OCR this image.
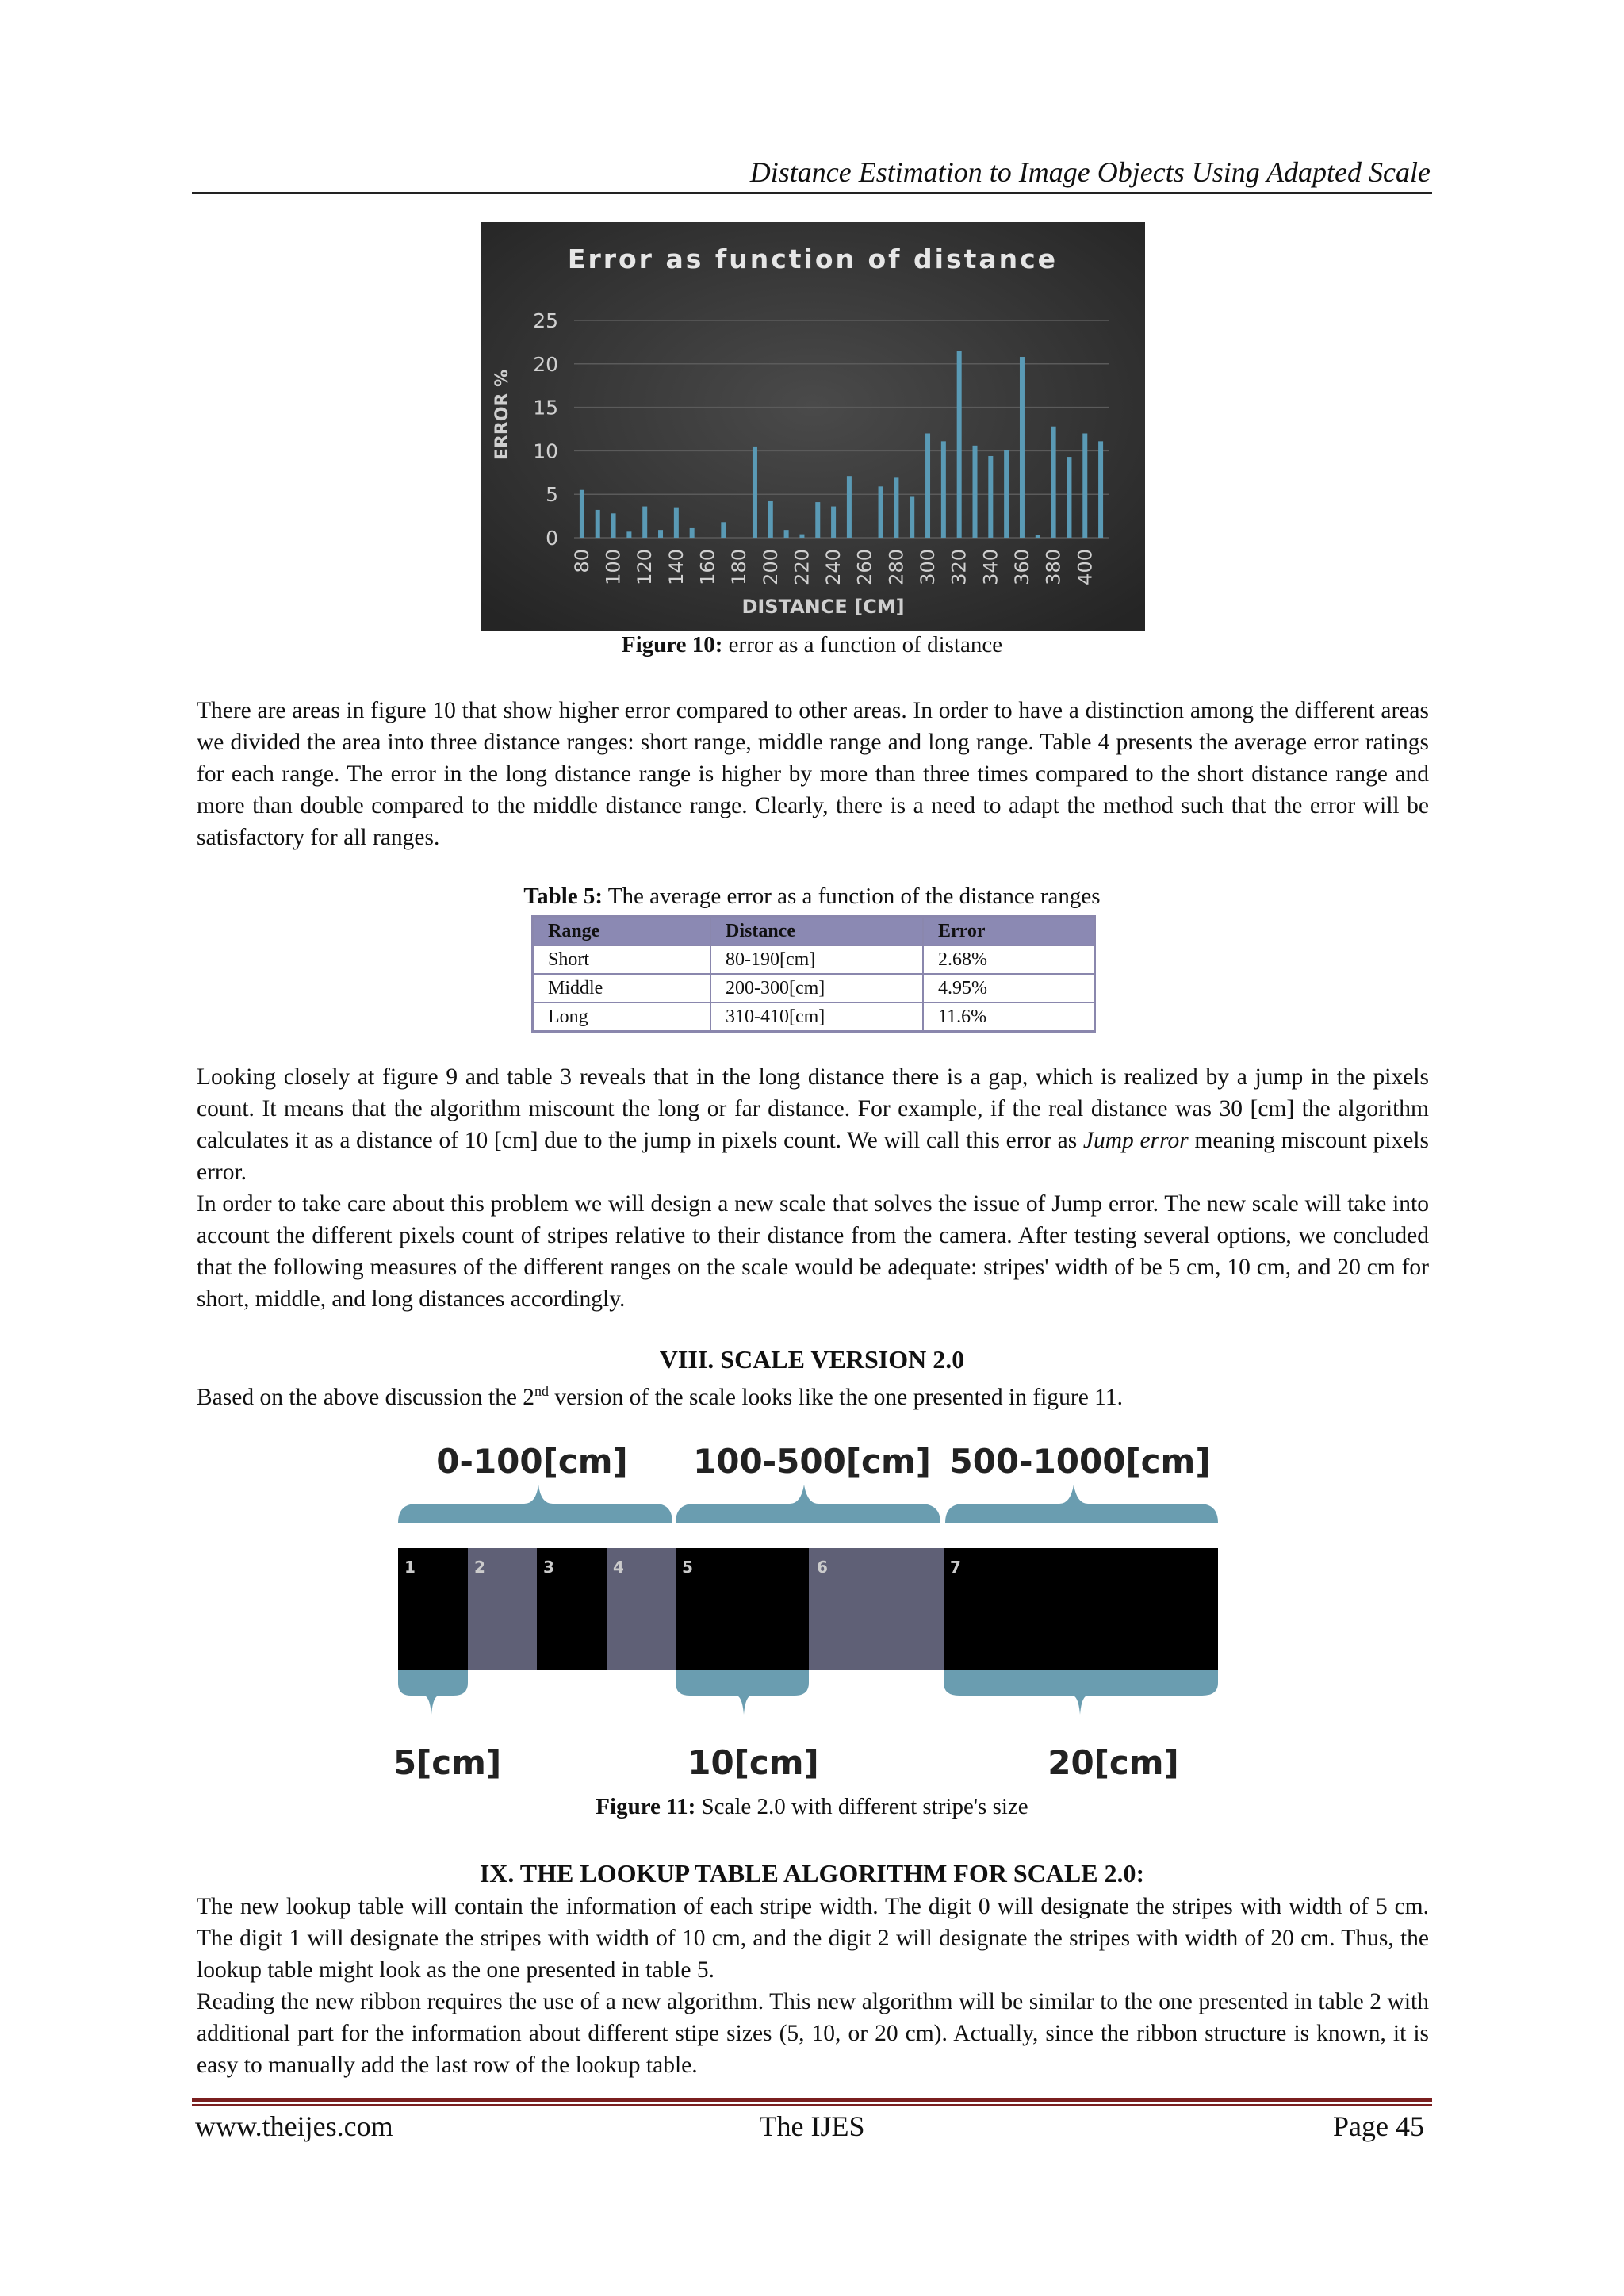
Distance Estimation to Image Objects Using Adapted Scale
Error as function of distance
ERROR %
DISTANCE [CM]
0
5
10
15
20
25
80 100 120 140 160 180 200 220 240 260 280 300 320 340 360 380 400
Figure 10: error as a function of distance

There are areas in figure 10 that show higher error compared to other areas. In order to have a distinction among the different areas we divided the area into three distance ranges: short range, middle range and long range. Table 4 presents the average error ratings for each range. The error in the long distance range is higher by more than three times compared to the short distance range and more than double compared to the middle distance range. Clearly, there is a need to adapt the method such that the error will be satisfactory for all ranges.

Table 5: The average error as a function of the distance ranges
Range	Distance	Error
Short	80-190[cm]	2.68%
Middle	200-300[cm]	4.95%
Long	310-410[cm]	11.6%

Looking closely at figure 9 and table 3 reveals that in the long distance there is a gap, which is realized by a jump in the pixels count. It means that the algorithm miscount the long or far distance. For example, if the real distance was 30 [cm] the algorithm calculates it as a distance of 10 [cm] due to the jump in pixels count. We will call this error as Jump error meaning miscount pixels error.

In order to take care about this problem we will design a new scale that solves the issue of Jump error. The new scale will take into account the different pixels count of stripes relative to their distance from the camera. After testing several options, we concluded that the following measures of the different ranges on the scale would be adequate: stripes' width of be 5 cm, 10 cm, and 20 cm for short, middle, and long distances accordingly.

VIII. SCALE VERSION 2.0

Based on the above discussion the 2nd version of the scale looks like the one presented in figure 11.

0-100[cm] 100-500[cm] 500-1000[cm]
1	2	3	4	5	6	7
5[cm]	10[cm]	20[cm]
Figure 11: Scale 2.0 with different stripe's size
IX. THE LOOKUP TABLE ALGORITHM FOR SCALE 2.0:

The new lookup table will contain the information of each stripe width. The digit 0 will designate the stripes with width of 5 cm. The digit 1 will designate the stripes with width of 10 cm, and the digit 2 will designate the stripes with width of 20 cm. Thus, the lookup table might look as the one presented in table 5.

Reading the new ribbon requires the use of a new algorithm. This new algorithm will be similar to the one presented in table 2 with additional part for the information about different stipe sizes (5, 10, or 20 cm). Actually, since the ribbon structure is known, it is easy to manually add the last row of the lookup table.

www.theijes.com	The IJES	Page 45
